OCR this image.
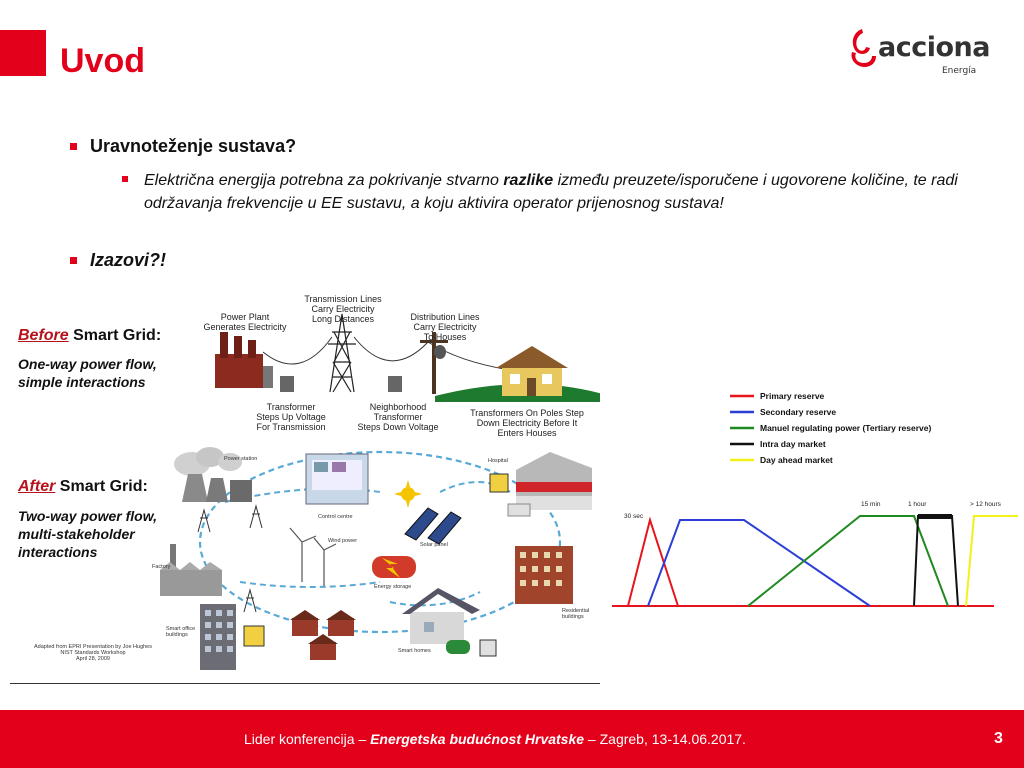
Uvod	acciona
Energía
Uravnoteženje sustava?
Električna energija potrebna za pokrivanje stvarno razlike između preuzete/isporučene i ugovorene količine, te radi održavanja frekvencije u EE sustavu, a koju aktivira operator prijenosnog sustava!
Izazovi?!
Before Smart Grid:
One-way power flow,
simple interactions
Power Plant
Generates Electricity
Transmission Lines
Carry Electricity
Long Distances	Distribution Lines
Carry Electricity
To Houses
Transformer
Steps Up Voltage
For Transmission
Neighborhood
Transformer
Steps Down Voltage
Transformers On Poles Step
Down Electricity Before It
Enters Houses
After Smart Grid:
Two-way power flow,
multi-stakeholder
interactions
Power station	Hospital
Factory
Wind power
Solar panel
Energy storage
Control centre
Smart office buildings
Residential buildings
Smart homes
Adapted from EPRI Presentation by Joe Hughes
NIST Standards Workshop
April 28, 2009
Primary reserve
Secondary reserve
Manuel regulating power (Tertiary reserve)
Intra day market
Day ahead market
30 sec
15 min	1 hour	> 12 hours
Lider konferencija – Energetska budućnost Hrvatske – Zagreb, 13-14.06.2017.	3
